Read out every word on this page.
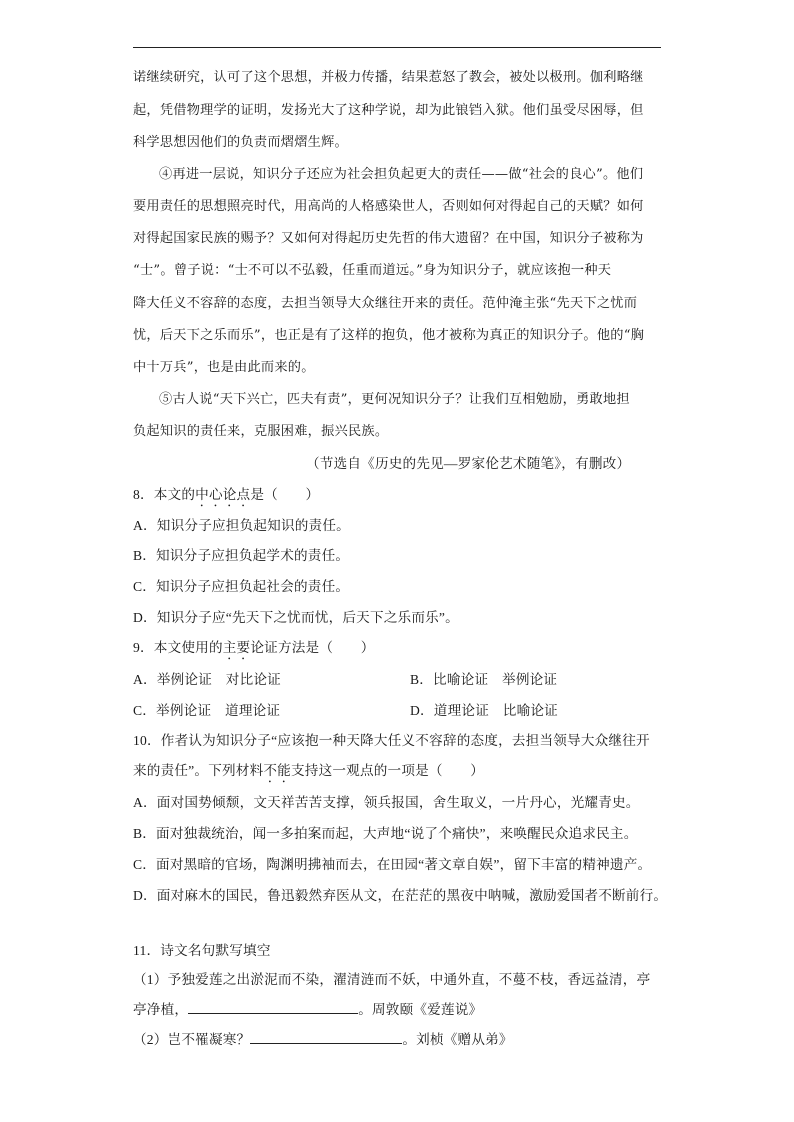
诺继续研究，认可了这个思想，并极力传播，结果惹怒了教会，被处以极刑。伽利略继
起，凭借物理学的证明，发扬光大了这种学说，却为此锒铛入狱。他们虽受尽困辱，但
科学思想因他们的负责而熠熠生辉。
④再进一层说，知识分子还应为社会担负起更大的责任——做“社会的良心”。他们
要用责任的思想照亮时代，用高尚的人格感染世人，否则如何对得起自己的天赋？如何
对得起国家民族的赐予？又如何对得起历史先哲的伟大遗留？在中国，知识分子被称为
“士”。曾子说：“士不可以不弘毅，任重而道远。”身为知识分子，就应该抱一种天
降大任义不容辞的态度，去担当领导大众继往开来的责任。范仲淹主张“先天下之忧而
忧，后天下之乐而乐”，也正是有了这样的抱负，他才被称为真正的知识分子。他的“胸
中十万兵”，也是由此而来的。
⑤古人说“天下兴亡，匹夫有责”，更何况知识分子？让我们互相勉励，勇敢地担
负起知识的责任来，克服困难，振兴民族。
（节选自《历史的先见—罗家伦艺术随笔》，有删改）
8．本文的中心论点是（　　）
A．知识分子应担负起知识的责任。
B．知识分子应担负起学术的责任。
C．知识分子应担负起社会的责任。
D．知识分子应“先天下之忧而忧，后天下之乐而乐”。
9．本文使用的主要论证方法是（　　）
A．举例论证　对比论证	B．比喻论证　举例论证
C．举例论证　道理论证	D．道理论证　比喻论证
10．作者认为知识分子“应该抱一种天降大任义不容辞的态度，去担当领导大众继往开
来的责任”。下列材料不能支持这一观点的一项是（　　）
A．面对国势倾颓，文天祥苦苦支撑，领兵报国，舍生取义，一片丹心，光耀青史。
B．面对独裁统治，闻一多拍案而起，大声地“说了个痛快”，来唤醒民众追求民主。
C．面对黑暗的官场，陶渊明拂袖而去，在田园“著文章自娱”，留下丰富的精神遗产。
D．面对麻木的国民，鲁迅毅然弃医从文，在茫茫的黑夜中呐喊，激励爱国者不断前行。
11．诗文名句默写填空
（1）予独爱莲之出淤泥而不染，濯清涟而不妖，中通外直，不蔓不枝，香远益清，亭
亭净植，	。周敦颐《爱莲说》
（2）岂不罹凝寒？	。刘桢《赠从弟》
